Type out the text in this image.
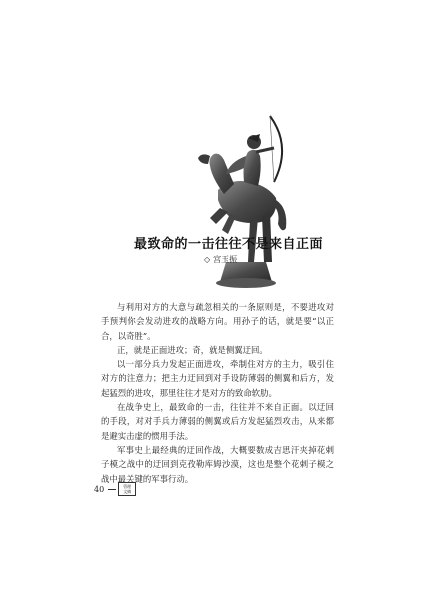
最致命的一击往往不是来自正面
◇ 宫玉振

与利用对方的大意与疏忽相关的一条原则是，不要进攻对手预判你会发动进攻的战略方向。用孙子的话，就是要“以正合，以奇胜”。

正，就是正面进攻；奇，就是侧翼迂回。

以一部分兵力发起正面进攻，牵制住对方的主力，吸引住对方的注意力；把主力迂回到对手设防薄弱的侧翼和后方，发起猛烈的进攻，那里往往才是对方的致命软肋。

在战争史上，最致命的一击，往往并不来自正面。以迂回的手段，对对手兵力薄弱的侧翼或后方发起猛烈攻击，从来都是避实击虚的惯用手法。

军事史上最经典的迂回作战，大概要数成吉思汗夹掉花剌子模之战中的迂回到克孜勒库姆沙漠，这也是整个花剌子模之战中最关键的军事行动。

40	管理
文摘
